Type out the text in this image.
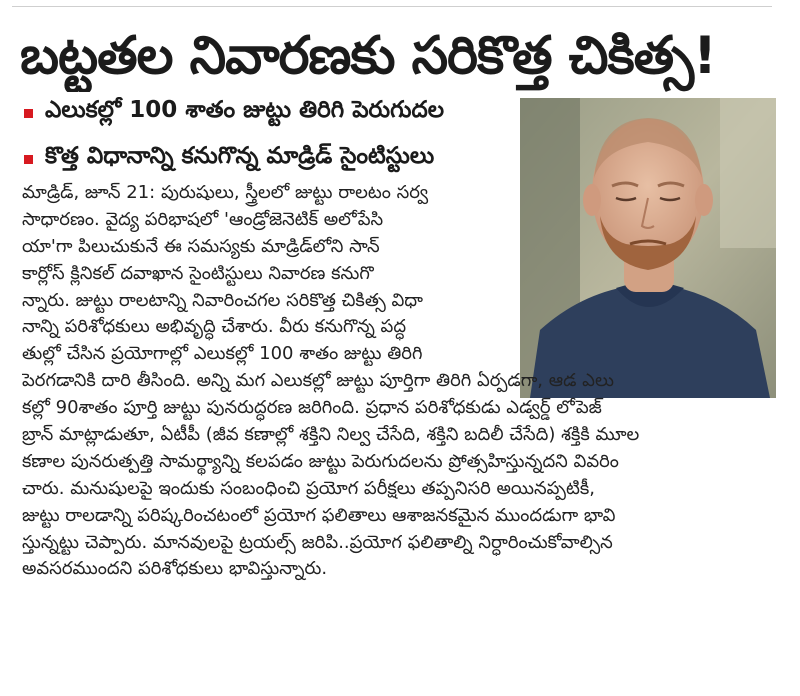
బట్టతల నివారణకు సరికొత్త చికిత్స!
ఎలుకల్లో 100 శాతం జుట్టు తిరిగి పెరుగుదల
కొత్త విధానాన్ని కనుగొన్న మాడ్రిడ్ సైంటిస్టులు
మాడ్రిడ్, జూన్ 21: పురుషులు, స్త్రీలలో జుట్టు రాలటం సర్వ
సాధారణం. వైద్య పరిభాషలో 'ఆండ్రోజెనెటిక్ అలోపేసి
యా'గా పిలుచుకునే ఈ సమస్యకు మాడ్రిడ్‌లోని సాన్
కార్లోస్ క్లినికల్ దవాఖాన సైంటిస్టులు నివారణ కనుగొ
న్నారు. జుట్టు రాలటాన్ని నివారించగల సరికొత్త చికిత్స విధా
నాన్ని పరిశోధకులు అభివృద్ధి చేశారు. వీరు కనుగొన్న పద్ధ
తుల్లో చేసిన ప్రయోగాల్లో ఎలుకల్లో 100 శాతం జుట్టు తిరిగి
పెరగడానికి దారి తీసింది. అన్ని మగ ఎలుకల్లో జుట్టు పూర్తిగా తిరిగి ఏర్పడగా, ఆడ ఎలు
కల్లో 90శాతం పూర్తి జుట్టు పునరుద్ధరణ జరిగింది. ప్రధాన పరిశోధకుడు ఎడ్వర్డ్ లోపెజ్
బ్రాన్ మాట్లాడుతూ, ఏటీపీ (జీవ కణాల్లో శక్తిని నిల్వ చేసేది, శక్తిని బదిలీ చేసేది) శక్తికి మూల
కణాల పునరుత్పత్తి సామర్థ్యాన్ని కలపడం జుట్టు పెరుగుదలను ప్రోత్సహిస్తున్నదని వివరిం
చారు. మనుషులపై ఇందుకు సంబంధించి ప్రయోగ పరీక్షలు తప్పనిసరి అయినప్పటికీ,
జుట్టు రాలడాన్ని పరిష్కరించటంలో ప్రయోగ ఫలితాలు ఆశాజనకమైన ముందడుగా భావి
స్తున్నట్టు చెప్పారు. మానవులపై ట్రయల్స్ జరిపి..ప్రయోగ ఫలితాల్ని నిర్ధారించుకోవాల్సిన
అవసరముందని పరిశోధకులు భావిస్తున్నారు.
